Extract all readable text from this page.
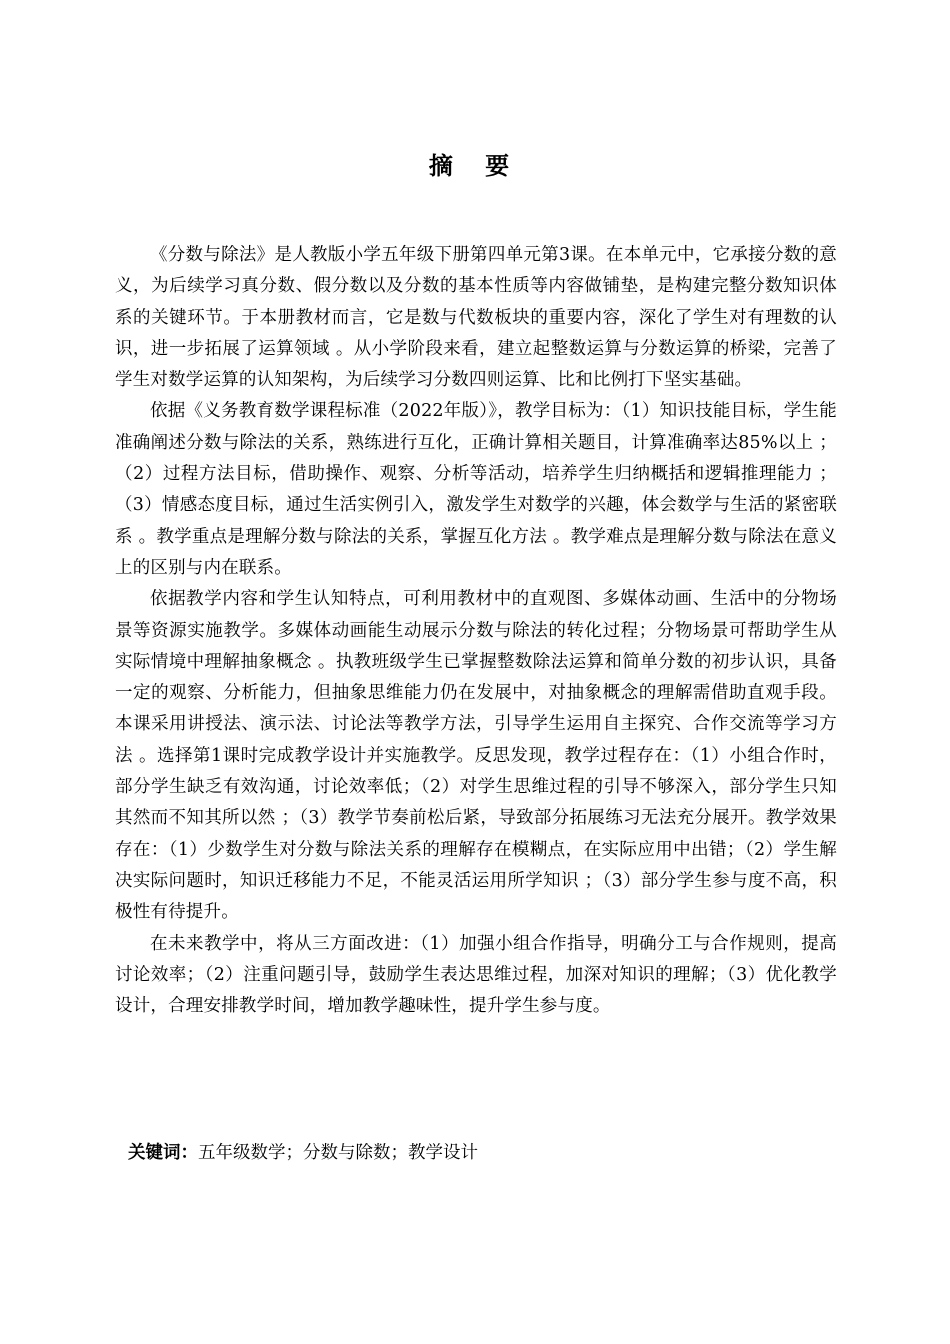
摘 要

《分数与除法》是人教版小学五年级下册第四单元第3课。在本单元中，它承接分数的意义，为后续学习真分数、假分数以及分数的基本性质等内容做铺垫，是构建完整分数知识体系的关键环节。于本册教材而言，它是数与代数板块的重要内容，深化了学生对有理数的认识，进一步拓展了运算领域 。从小学阶段来看，建立起整数运算与分数运算的桥梁，完善了学生对数学运算的认知架构，为后续学习分数四则运算、比和比例打下坚实基础。

依据《义务教育数学课程标准（2022年版）》，教学目标为：（1）知识技能目标，学生能准确阐述分数与除法的关系，熟练进行互化，正确计算相关题目，计算准确率达85%以上 ；（2）过程方法目标，借助操作、观察、分析等活动，培养学生归纳概括和逻辑推理能力 ；（3）情感态度目标，通过生活实例引入，激发学生对数学的兴趣，体会数学与生活的紧密联系 。教学重点是理解分数与除法的关系，掌握互化方法 。教学难点是理解分数与除法在意义上的区别与内在联系。

依据教学内容和学生认知特点，可利用教材中的直观图、多媒体动画、生活中的分物场景等资源实施教学。多媒体动画能生动展示分数与除法的转化过程；分物场景可帮助学生从实际情境中理解抽象概念 。执教班级学生已掌握整数除法运算和简单分数的初步认识，具备一定的观察、分析能力，但抽象思维能力仍在发展中，对抽象概念的理解需借助直观手段。本课采用讲授法、演示法、讨论法等教学方法，引导学生运用自主探究、合作交流等学习方法 。选择第1课时完成教学设计并实施教学。反思发现，教学过程存在：（1）小组合作时，部分学生缺乏有效沟通，讨论效率低；（2）对学生思维过程的引导不够深入，部分学生只知其然而不知其所以然 ；（3）教学节奏前松后紧，导致部分拓展练习无法充分展开。教学效果存在：（1）少数学生对分数与除法关系的理解存在模糊点，在实际应用中出错；（2）学生解决实际问题时，知识迁移能力不足，不能灵活运用所学知识 ；（3）部分学生参与度不高，积极性有待提升。

在未来教学中，将从三方面改进：（1）加强小组合作指导，明确分工与合作规则，提高讨论效率；（2）注重问题引导，鼓励学生表达思维过程，加深对知识的理解；（3）优化教学设计，合理安排教学时间，增加教学趣味性，提升学生参与度。

关键词：五年级数学；分数与除数；教学设计
